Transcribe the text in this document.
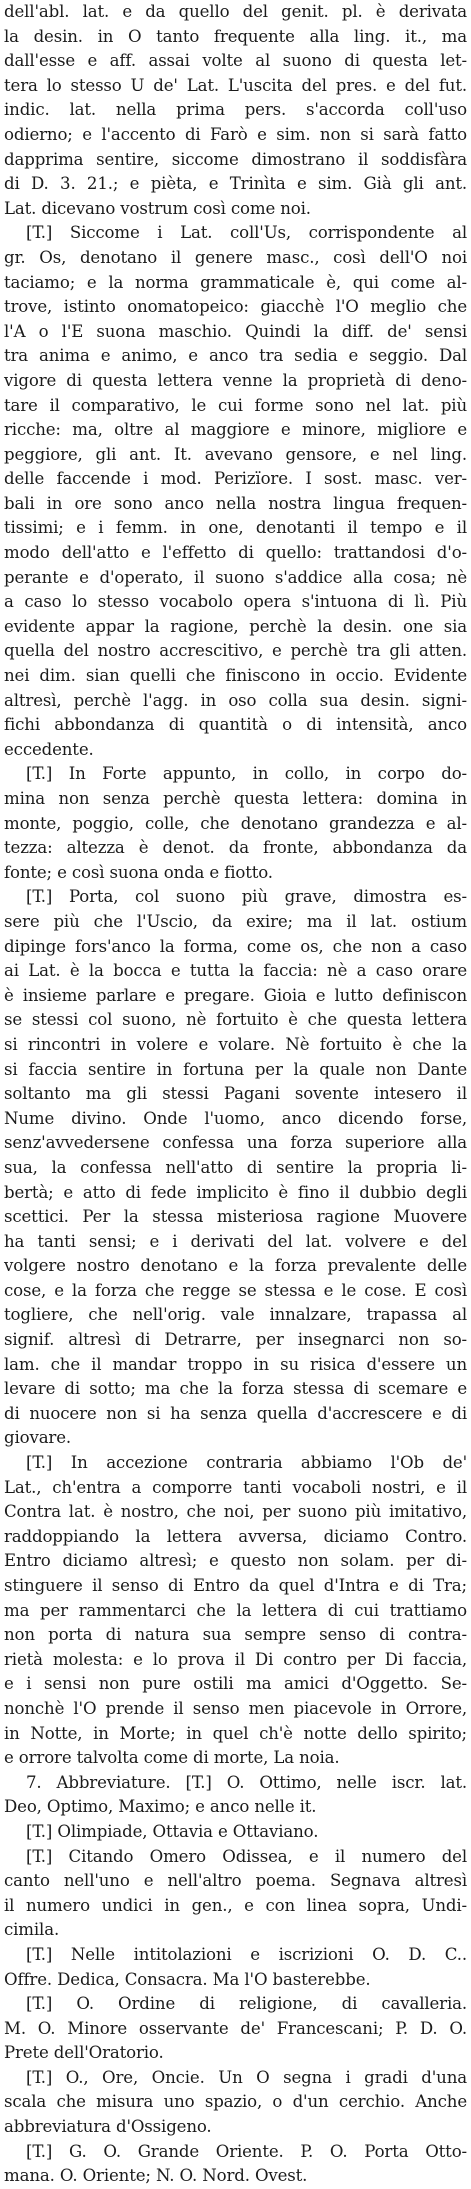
dell'abl. lat. e da quello del genit. pl. è derivata
la desin. in O tanto frequente alla ling. it., ma
dall'esse e aff. assai volte al suono di questa let-
tera lo stesso U de' Lat. L'uscita del pres. e del fut.
indic. lat. nella prima pers. s'accorda coll'uso
odierno; e l'accento di Farò e sim. non si sarà fatto
dapprima sentire, siccome dimostrano il soddisfàra
di D. 3. 21.; e pièta, e Trinìta e sim. Già gli ant.
Lat. dicevano vostrum così come noi.
[T.] Siccome i Lat. coll'Us, corrispondente al
gr. Os, denotano il genere masc., così dell'O noi
taciamo; e la norma grammaticale è, qui come al-
trove, istinto onomatopeico: giacchè l'O meglio che
l'A o l'E suona maschio. Quindi la diff. de' sensi
tra anima e animo, e anco tra sedia e seggio. Dal
vigore di questa lettera venne la proprietà di deno-
tare il comparativo, le cui forme sono nel lat. più
ricche: ma, oltre al maggiore e minore, migliore e
peggiore, gli ant. It. avevano gensore, e nel ling.
delle faccende i mod. Perizïore. I sost. masc. ver-
bali in ore sono anco nella nostra lingua frequen-
tissimi; e i femm. in one, denotanti il tempo e il
modo dell'atto e l'effetto di quello: trattandosi d'o-
perante e d'operato, il suono s'addice alla cosa; nè
a caso lo stesso vocabolo opera s'intuona di lì. Più
evidente appar la ragione, perchè la desin. one sia
quella del nostro accrescitivo, e perchè tra gli atten.
nei dim. sian quelli che finiscono in occio. Evidente
altresì, perchè l'agg. in oso colla sua desin. signi-
fichi abbondanza di quantità o di intensità, anco
eccedente.
[T.] In Forte appunto, in collo, in corpo do-
mina non senza perchè questa lettera: domina in
monte, poggio, colle, che denotano grandezza e al-
tezza: altezza è denot. da fronte, abbondanza da
fonte; e così suona onda e fiotto.
[T.] Porta, col suono più grave, dimostra es-
sere più che l'Uscio, da exire; ma il lat. ostium
dipinge fors'anco la forma, come os, che non a caso
ai Lat. è la bocca e tutta la faccia: nè a caso orare
è insieme parlare e pregare. Gioia e lutto definiscon
se stessi col suono, nè fortuito è che questa lettera
si rincontri in volere e volare. Nè fortuito è che la
si faccia sentire in fortuna per la quale non Dante
soltanto ma gli stessi Pagani sovente intesero il
Nume divino. Onde l'uomo, anco dicendo forse,
senz'avvedersene confessa una forza superiore alla
sua, la confessa nell'atto di sentire la propria li-
bertà; e atto di fede implicito è fino il dubbio degli
scettici. Per la stessa misteriosa ragione Muovere
ha tanti sensi; e i derivati del lat. volvere e del
volgere nostro denotano e la forza prevalente delle
cose, e la forza che regge se stessa e le cose. E così
togliere, che nell'orig. vale innalzare, trapassa al
signif. altresì di Detrarre, per insegnarci non so-
lam. che il mandar troppo in su risica d'essere un
levare di sotto; ma che la forza stessa di scemare e
di nuocere non si ha senza quella d'accrescere e di
giovare.
[T.] In accezione contraria abbiamo l'Ob de'
Lat., ch'entra a comporre tanti vocaboli nostri, e il
Contra lat. è nostro, che noi, per suono più imitativo,
raddoppiando la lettera avversa, diciamo Contro.
Entro diciamo altresì; e questo non solam. per di-
stinguere il senso di Entro da quel d'Intra e di Tra;
ma per rammentarci che la lettera di cui trattiamo
non porta di natura sua sempre senso di contra-
rietà molesta: e lo prova il Di contro per Di faccia,
e i sensi non pure ostili ma amici d'Oggetto. Se-
nonchè l'O prende il senso men piacevole in Orrore,
in Notte, in Morte; in quel ch'è notte dello spirito;
e orrore talvolta come di morte, La noia.
7. Abbreviature. [T.] O. Ottimo, nelle iscr. lat.
Deo, Optimo, Maximo; e anco nelle it.
[T.] Olimpiade, Ottavia e Ottaviano.
[T.] Citando Omero Odissea, e il numero del
canto nell'uno e nell'altro poema. Segnava altresì
il numero undici in gen., e con linea sopra, Undi-
cimila.
[T.] Nelle intitolazioni e iscrizioni O. D. C..
Offre. Dedica, Consacra. Ma l'O basterebbe.
[T.] O. Ordine di religione, di cavalleria.
M. O. Minore osservante de' Francescani; P. D. O.
Prete dell'Oratorio.
[T.] O., Ore, Oncie. Un O segna i gradi d'una
scala che misura uno spazio, o d'un cerchio. Anche
abbreviatura d'Ossigeno.
[T.] G. O. Grande Oriente. P. O. Porta Otto-
mana. O. Oriente; N. O. Nord. Ovest.
